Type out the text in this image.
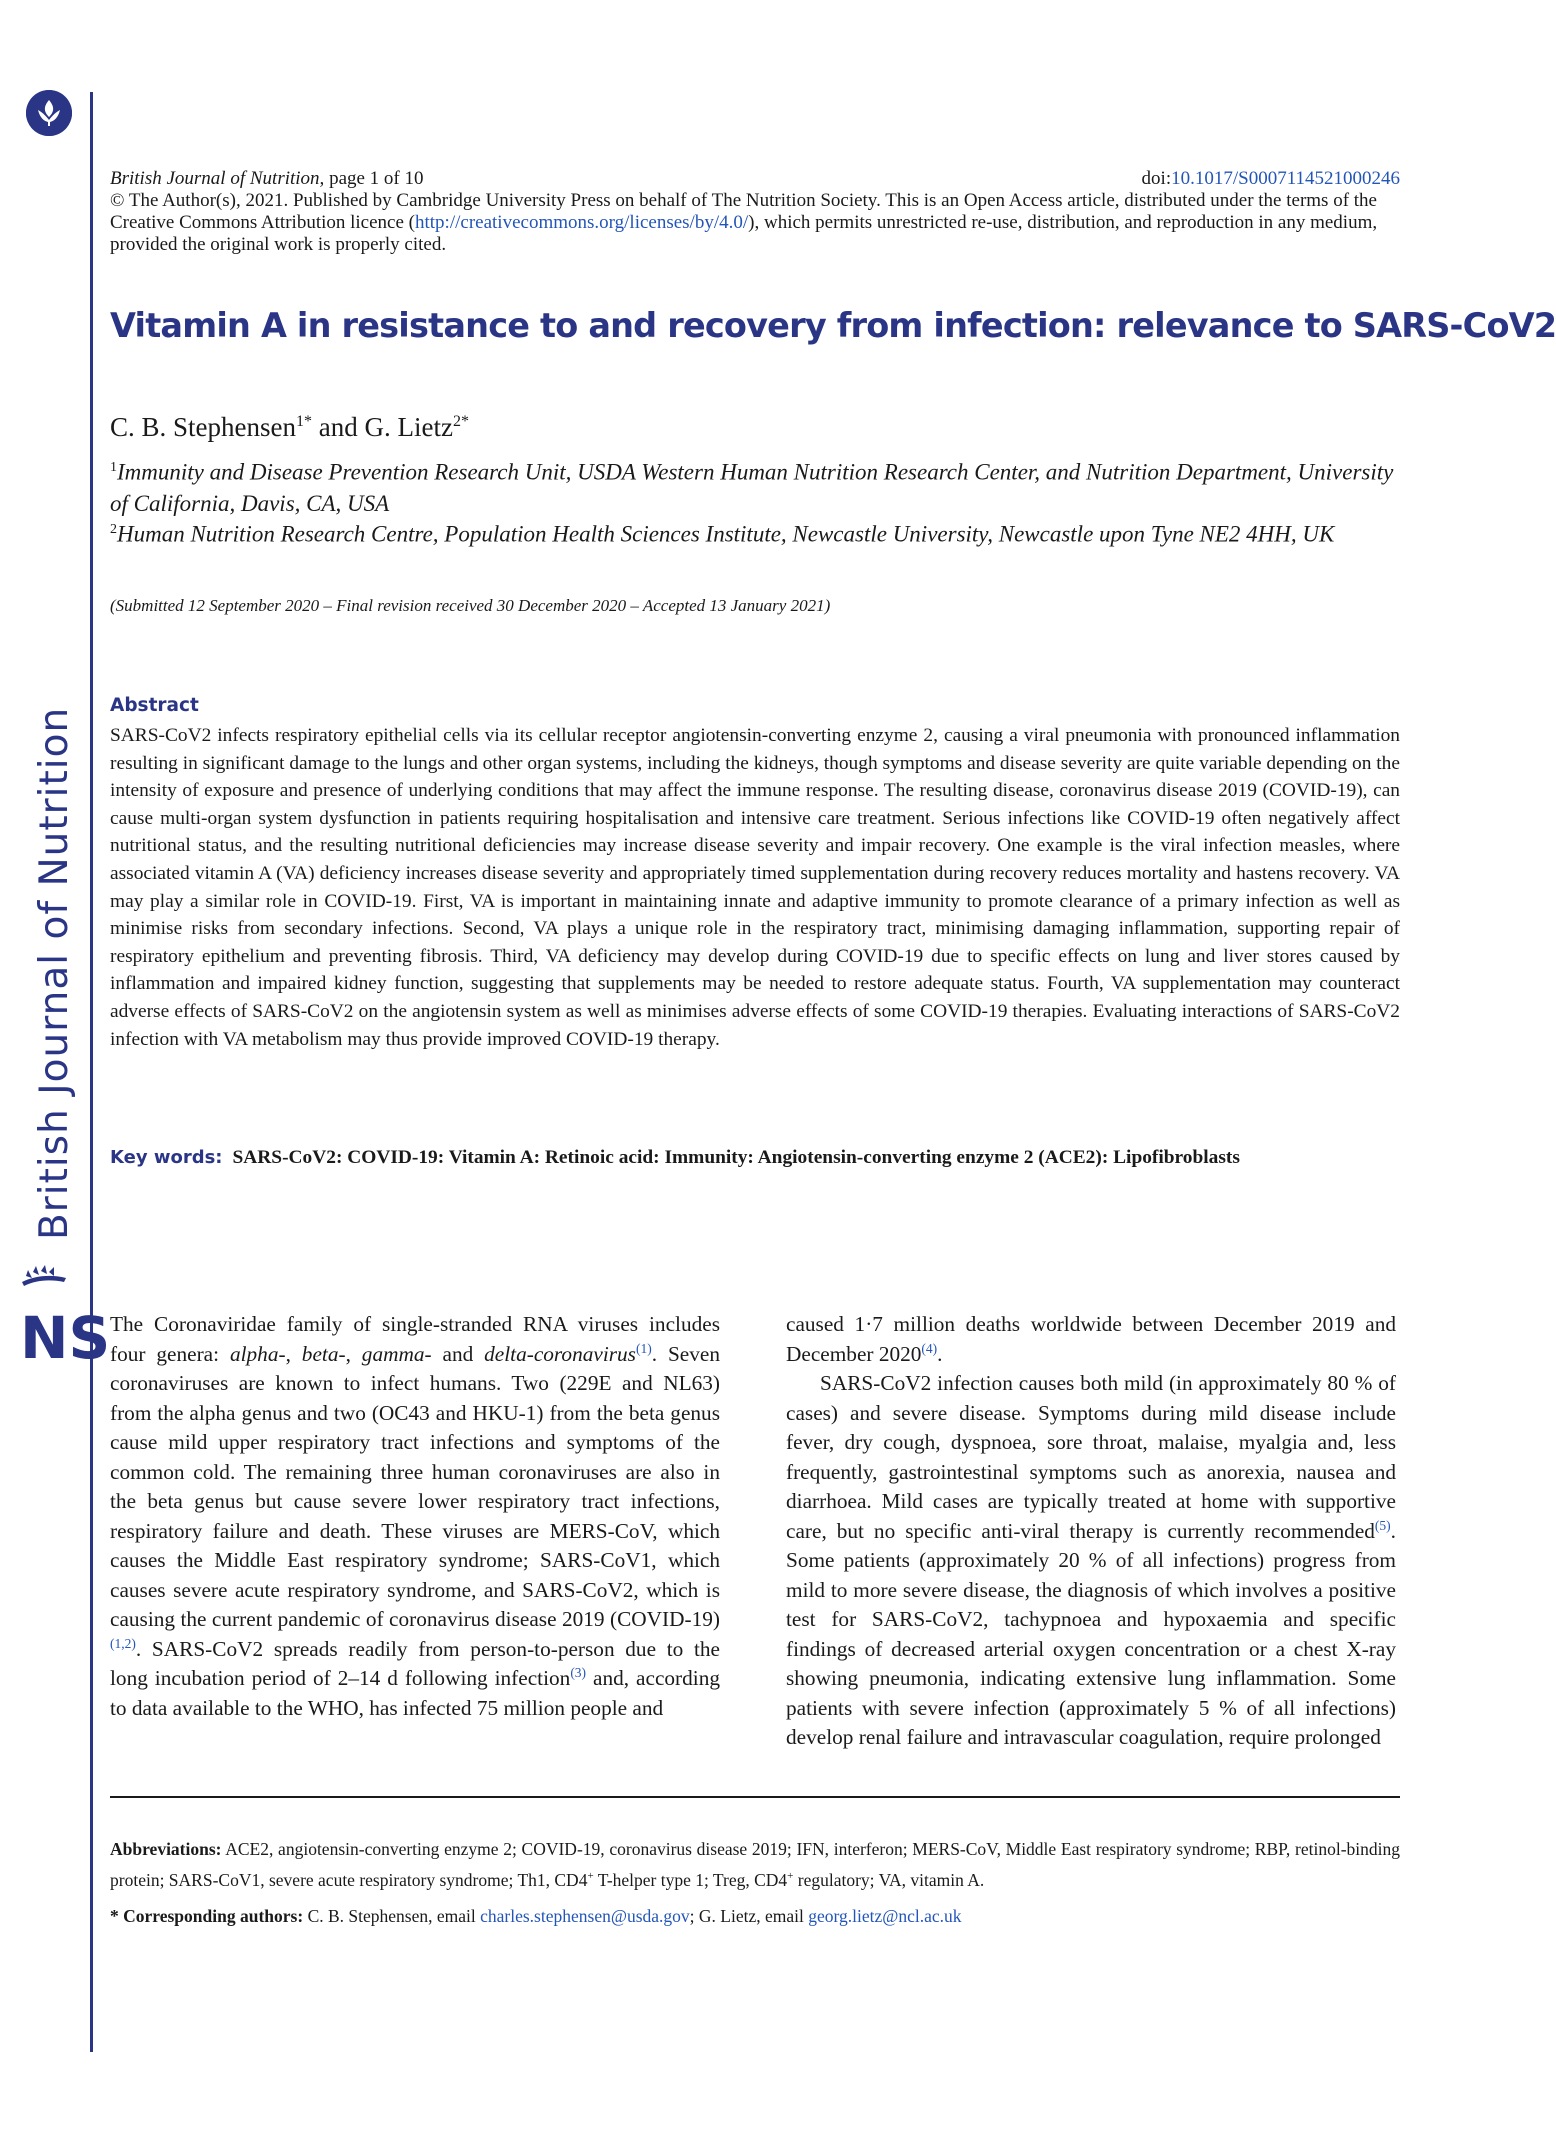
British Journal of Nutrition
NS
British Journal of Nutrition, page 1 of 10	doi:10.1017/S0007114521000246
© The Author(s), 2021. Published by Cambridge University Press on behalf of The Nutrition Society. This is an Open Access article, distributed under the terms of the Creative Commons Attribution licence (http://creativecommons.org/licenses/by/4.0/), which permits unrestricted re-use, distribution, and reproduction in any medium, provided the original work is properly cited.
Vitamin A in resistance to and recovery from infection: relevance to SARS-CoV2
C. B. Stephensen$^{1*}$ and G. Lietz$^{2*}$
$^1$Immunity and Disease Prevention Research Unit, USDA Western Human Nutrition Research Center, and Nutrition Department, University of California, Davis, CA, USA
$^2$Human Nutrition Research Centre, Population Health Sciences Institute, Newcastle University, Newcastle upon Tyne NE2 4HH, UK
(Submitted 12 September 2020 – Final revision received 30 December 2020 – Accepted 13 January 2021)
Abstract

SARS-CoV2 infects respiratory epithelial cells via its cellular receptor angiotensin-converting enzyme 2, causing a viral pneumonia with pronounced inflammation resulting in significant damage to the lungs and other organ systems, including the kidneys, though symptoms and disease severity are quite variable depending on the intensity of exposure and presence of underlying conditions that may affect the immune response. The resulting disease, coronavirus disease 2019 (COVID-19), can cause multi-organ system dysfunction in patients requiring hospitalisation and intensive care treatment. Serious infections like COVID-19 often negatively affect nutritional status, and the resulting nutritional deficiencies may increase disease severity and impair recovery. One example is the viral infection measles, where associated vitamin A (VA) deficiency increases disease severity and appropriately timed supplementation during recovery reduces mortality and hastens recovery. VA may play a similar role in COVID-19. First, VA is important in maintaining innate and adaptive immunity to promote clearance of a primary infection as well as minimise risks from secondary infections. Second, VA plays a unique role in the respiratory tract, minimising damaging inflammation, supporting repair of respiratory epithelium and preventing fibrosis. Third, VA deficiency may develop during COVID-19 due to specific effects on lung and liver stores caused by inflammation and impaired kidney function, suggesting that supplements may be needed to restore adequate status. Fourth, VA supplementation may counteract adverse effects of SARS-CoV2 on the angiotensin system as well as minimises adverse effects of some COVID-19 therapies. Evaluating interactions of SARS-CoV2 infection with VA metabolism may thus provide improved COVID-19 therapy.

Key words: SARS-CoV2: COVID-19: Vitamin A: Retinoic acid: Immunity: Angiotensin-converting enzyme 2 (ACE2): Lipofibroblasts

The Coronaviridae family of single-stranded RNA viruses includes four genera: alpha-, beta-, gamma- and delta-coronavirus$^{(1)}$. Seven coronaviruses are known to infect humans. Two (229E and NL63) from the alpha genus and two (OC43 and HKU-1) from the beta genus cause mild upper respiratory tract infections and symptoms of the common cold. The remaining three human coronaviruses are also in the beta genus but cause severe lower respiratory tract infections, respiratory failure and death. These viruses are MERS-CoV, which causes the Middle East respiratory syndrome; SARS-CoV1, which causes severe acute respiratory syndrome, and SARS-CoV2, which is causing the current pandemic of coronavirus disease 2019 (COVID-19)$^{(1,2)}$. SARS-CoV2 spreads readily from person-to-person due to the long incubation period of 2–14 d following infection$^{(3)}$ and, according to data available to the WHO, has infected 75 million people and

caused 1·7 million deaths worldwide between December 2019 and December 2020$^{(4)}$.

SARS-CoV2 infection causes both mild (in approximately 80 % of cases) and severe disease. Symptoms during mild disease include fever, dry cough, dyspnoea, sore throat, malaise, myalgia and, less frequently, gastrointestinal symptoms such as anorexia, nausea and diarrhoea. Mild cases are typically treated at home with supportive care, but no specific anti-viral therapy is currently recommended$^{(5)}$. Some patients (approximately 20 % of all infections) progress from mild to more severe disease, the diagnosis of which involves a positive test for SARS-CoV2, tachypnoea and hypoxaemia and specific findings of decreased arterial oxygen concentration or a chest X-ray showing pneumonia, indicating extensive lung inflammation. Some patients with severe infection (approximately 5 % of all infections) develop renal failure and intravascular coagulation, require prolonged

Abbreviations: ACE2, angiotensin-converting enzyme 2; COVID-19, coronavirus disease 2019; IFN, interferon; MERS-CoV, Middle East respiratory syndrome; RBP, retinol-binding protein; SARS-CoV1, severe acute respiratory syndrome; Th1, CD4+ T-helper type 1; Treg, CD4+ regulatory; VA, vitamin A.
* Corresponding authors: C. B. Stephensen, email charles.stephensen@usda.gov; G. Lietz, email georg.lietz@ncl.ac.uk
